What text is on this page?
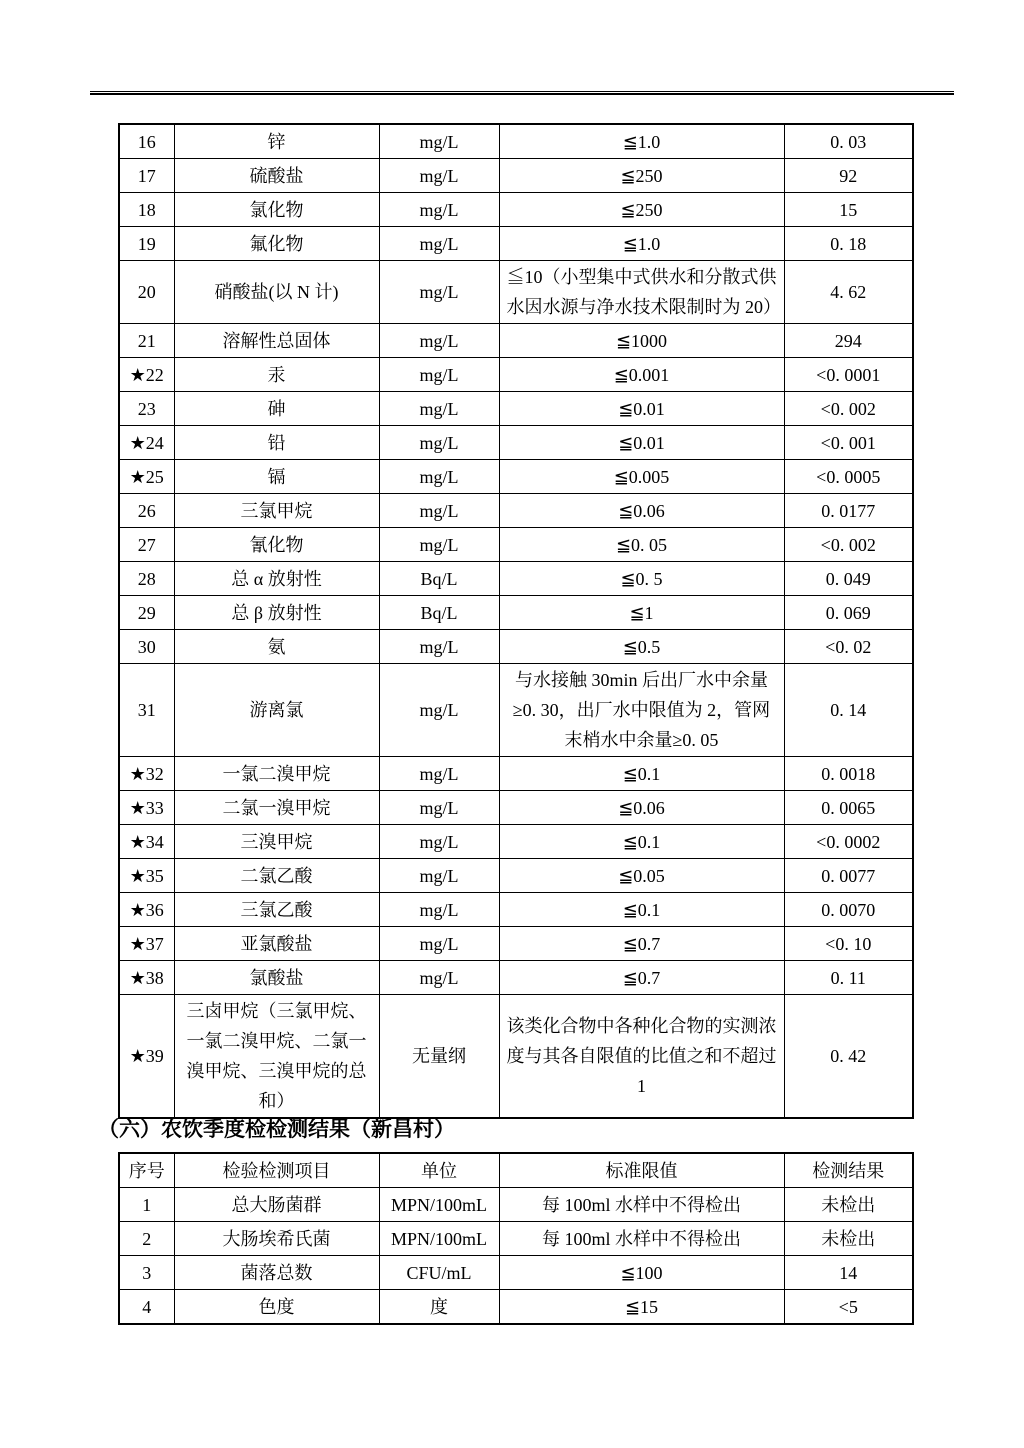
16	锌	mg/L	≦1.0	0. 03
17	硫酸盐	mg/L	≦250	92
18	氯化物	mg/L	≦250	15
19	氟化物	mg/L	≦1.0	0. 18
20	硝酸盐(以 N 计)	mg/L	≦10（小型集中式供水和分散式供水因水源与净水技术限制时为 20）	4. 62
21	溶解性总固体	mg/L	≦1000	294
★22	汞	mg/L	≦0.001	<0. 0001
23	砷	mg/L	≦0.01	<0. 002
★24	铅	mg/L	≦0.01	<0. 001
★25	镉	mg/L	≦0.005	<0. 0005
26	三氯甲烷	mg/L	≦0.06	0. 0177
27	氰化物	mg/L	≦0. 05	<0. 002
28	总 α 放射性	Bq/L	≦0. 5	0. 049
29	总 β 放射性	Bq/L	≦1	0. 069
30	氨	mg/L	≦0.5	<0. 02
31	游离氯	mg/L	与水接触 30min 后出厂水中余量≥0. 30，出厂水中限值为 2，管网末梢水中余量≥0. 05	0. 14
★32	一氯二溴甲烷	mg/L	≦0.1	0. 0018
★33	二氯一溴甲烷	mg/L	≦0.06	0. 0065
★34	三溴甲烷	mg/L	≦0.1	<0. 0002
★35	二氯乙酸	mg/L	≦0.05	0. 0077
★36	三氯乙酸	mg/L	≦0.1	0. 0070
★37	亚氯酸盐	mg/L	≦0.7	<0. 10
★38	氯酸盐	mg/L	≦0.7	0. 11
★39	三卤甲烷（三氯甲烷、一氯二溴甲烷、二氯一溴甲烷、三溴甲烷的总和）	无量纲	该类化合物中各种化合物的实测浓度与其各自限值的比值之和不超过 1	0. 42
（六）农饮季度检检测结果（新昌村）
序号	检验检测项目	单位	标准限值	检测结果
1	总大肠菌群	MPN/100mL	每 100ml 水样中不得检出	未检出
2	大肠埃希氏菌	MPN/100mL	每 100ml 水样中不得检出	未检出
3	菌落总数	CFU/mL	≦100	14
4	色度	度	≦15	<5
